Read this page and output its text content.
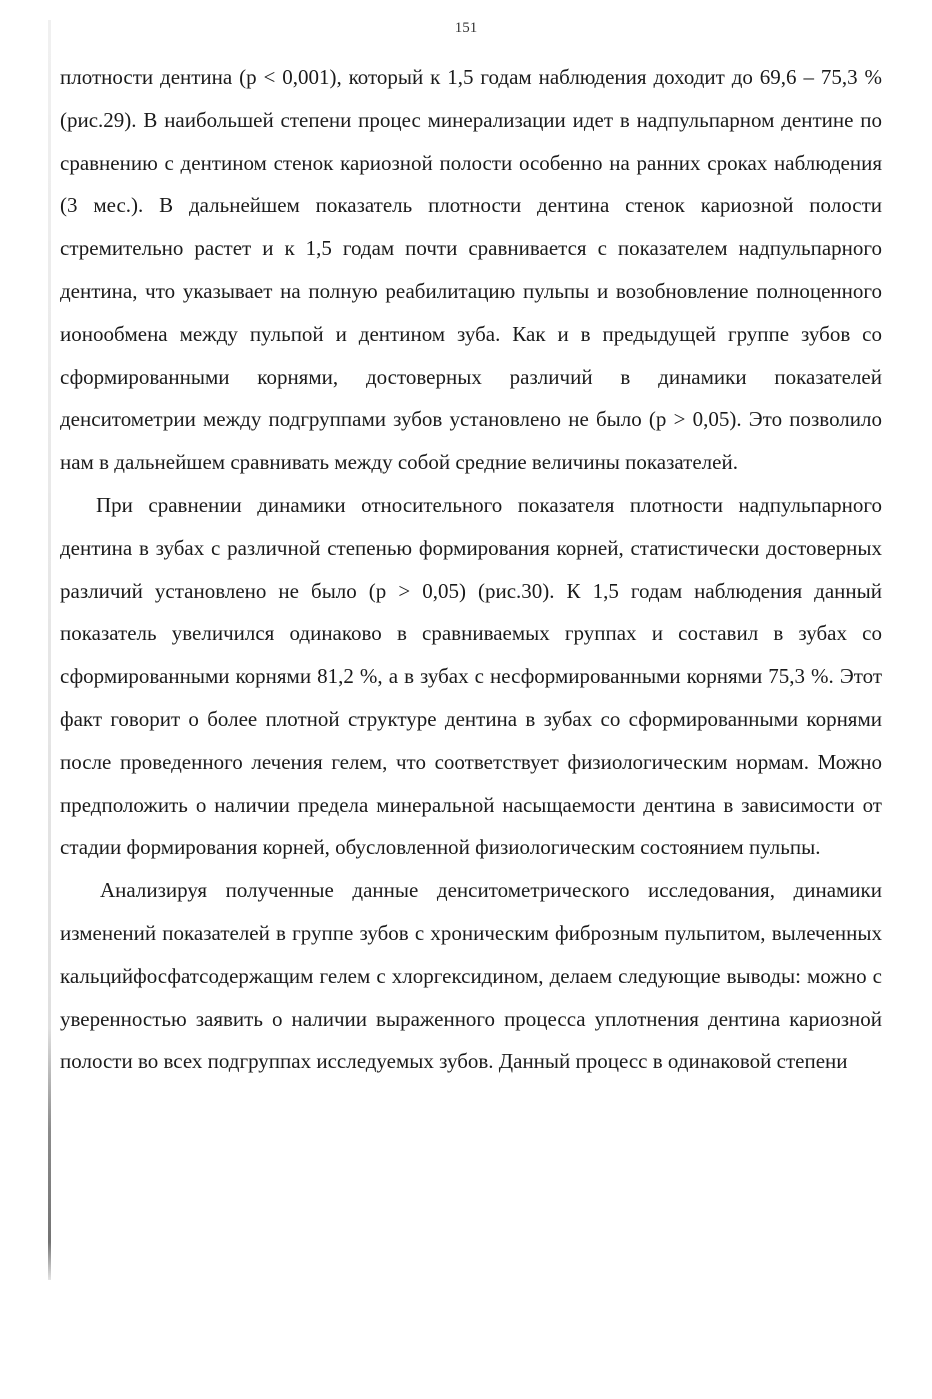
151

плотности дентина (р < 0,001), который к 1,5 годам наблюдения доходит до 69,6 – 75,3 % (рис.29). В наибольшей степени процес минерализации идет в надпульпарном дентине по сравнению с дентином стенок кариозной полости особенно на ранних сроках наблюдения (3 мес.). В дальнейшем показатель плотности дентина стенок кариозной полости стремительно растет и к 1,5 годам почти сравнивается с показателем надпульпарного дентина, что указывает на полную реабилитацию пульпы и возобновление полноценного ионообмена между пульпой и дентином зуба. Как и в предыдущей группе зубов со сформированными корнями, достоверных различий в динамики показателей денситометрии между подгруппами зубов установлено не было (р > 0,05). Это позволило нам в дальнейшем сравнивать между собой средние величины показателей.

При сравнении динамики относительного показателя плотности надпульпарного дентина в зубах с различной степенью формирования корней, статистически достоверных различий установлено не было (р > 0,05) (рис.30). К 1,5 годам наблюдения данный показатель увеличился одинаково в сравниваемых группах и составил в зубах со сформированными корнями 81,2 %, а в зубах с несформированными корнями 75,3 %. Этот факт говорит о более плотной структуре дентина в зубах со сформированными корнями после проведенного лечения гелем, что соответствует физиологическим нормам. Можно предположить о наличии предела минеральной насыщаемости дентина в зависимости от стадии формирования корней, обусловленной физиологическим состоянием пульпы.

Анализируя полученные данные денситометрического исследования, динамики изменений показателей в группе зубов с хроническим фиброзным пульпитом, вылеченных кальцийфосфатсодержащим гелем с хлоргексидином, делаем следующие выводы: можно с уверенностью заявить о наличии выраженного процесса уплотнения дентина кариозной полости во всех подгруппах исследуемых зубов. Данный процесс в одинаковой степени
